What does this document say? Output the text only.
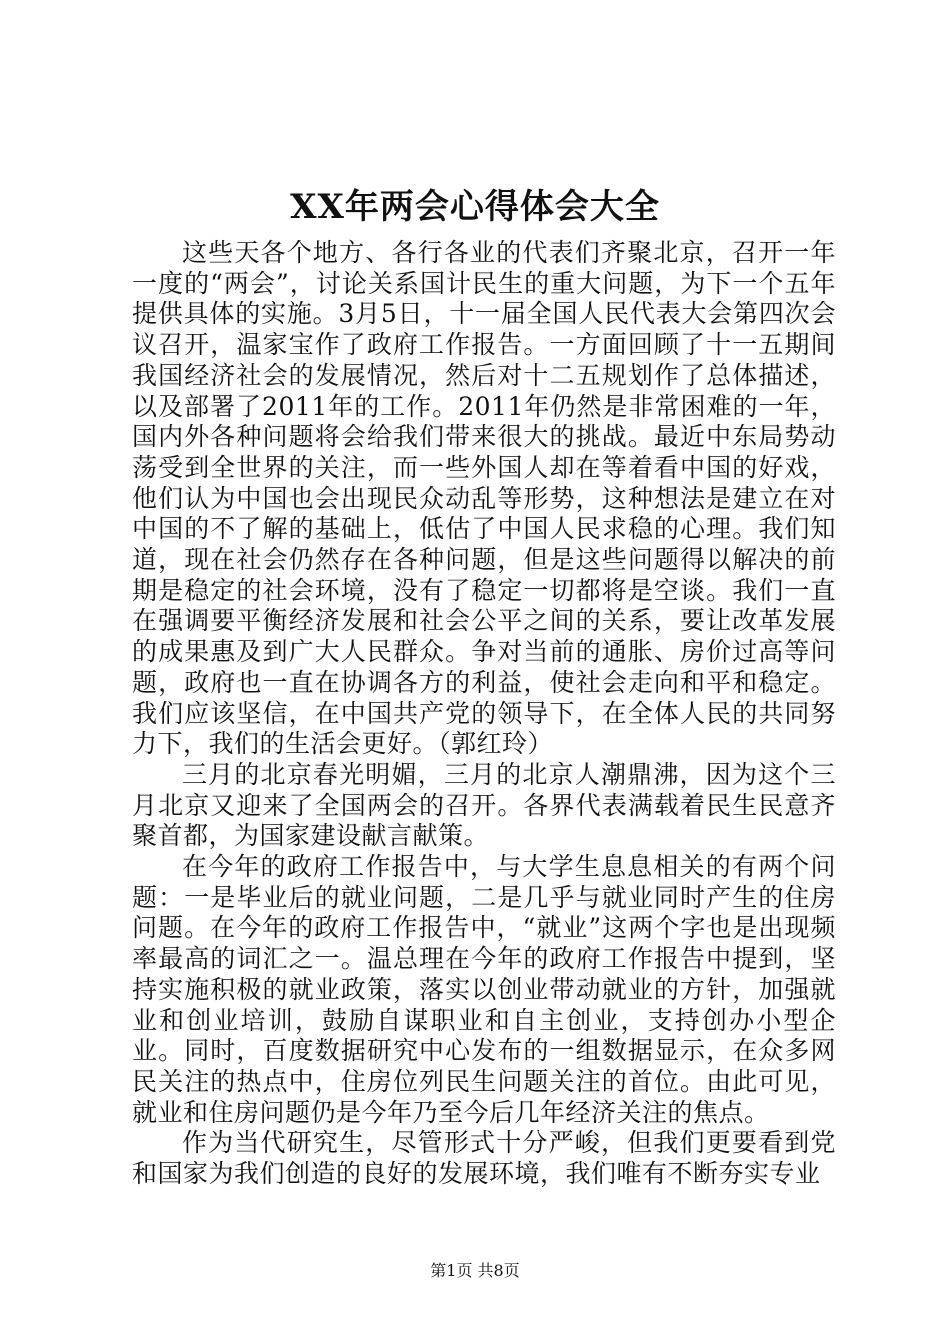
XX年两会心得体会大全

这些天各个地方、各行各业的代表们齐聚北京，召开一年一度的“两会”，讨论关系国计民生的重大问题，为下一个五年提供具体的实施。3月5日，十一届全国人民代表大会第四次会议召开，温家宝作了政府工作报告。一方面回顾了十一五期间我国经济社会的发展情况，然后对十二五规划作了总体描述，以及部署了2011年的工作。2011年仍然是非常困难的一年，国内外各种问题将会给我们带来很大的挑战。最近中东局势动荡受到全世界的关注，而一些外国人却在等着看中国的好戏，他们认为中国也会出现民众动乱等形势，这种想法是建立在对中国的不了解的基础上，低估了中国人民求稳的心理。我们知道，现在社会仍然存在各种问题，但是这些问题得以解决的前期是稳定的社会环境，没有了稳定一切都将是空谈。我们一直在强调要平衡经济发展和社会公平之间的关系，要让改革发展的成果惠及到广大人民群众。争对当前的通胀、房价过高等问题，政府也一直在协调各方的利益，使社会走向和平和稳定。我们应该坚信，在中国共产党的领导下，在全体人民的共同努力下，我们的生活会更好。（郭红玲）

三月的北京春光明媚，三月的北京人潮鼎沸，因为这个三月北京又迎来了全国两会的召开。各界代表满载着民生民意齐聚首都，为国家建设献言献策。

在今年的政府工作报告中，与大学生息息相关的有两个问题：一是毕业后的就业问题，二是几乎与就业同时产生的住房问题。在今年的政府工作报告中，“就业”这两个字也是出现频率最高的词汇之一。温总理在今年的政府工作报告中提到，坚持实施积极的就业政策，落实以创业带动就业的方针，加强就业和创业培训，鼓励自谋职业和自主创业，支持创办小型企业。同时，百度数据研究中心发布的一组数据显示，在众多网民关注的热点中，住房位列民生问题关注的首位。由此可见，就业和住房问题仍是今年乃至今后几年经济关注的焦点。

作为当代研究生，尽管形式十分严峻，但我们更要看到党和国家为我们创造的良好的发展环境，我们唯有不断夯实专业

第1页 共8页
